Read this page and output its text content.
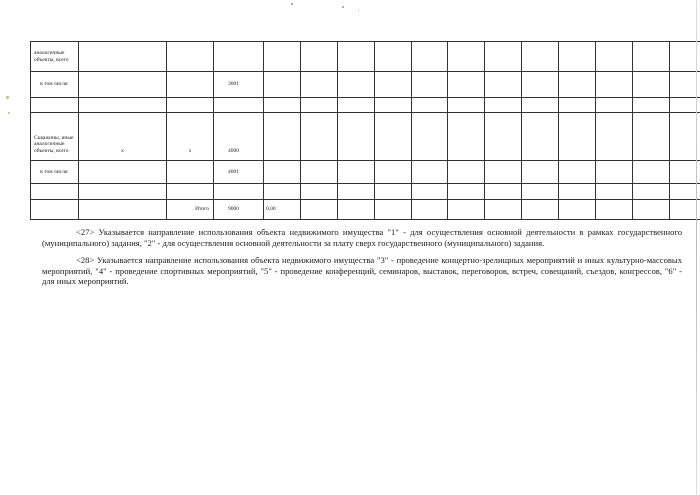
аналогичные объекты, всего															
в том числе:			3001												

Скважины, иные аналогичные объекты, всего	x	x	4000												
в том числе:			4001												

		Итого	9000	0,00											

<27> Указывается направление использования объекта недвижимого имущества "1" - для осуществления основной деятельности в рамках государственного (муниципального) задания, "2" - для осуществления основной деятельности за плату сверх государственного (муниципального) задания.

<28> Указывается направление использования объекта недвижимого имущества "3" - проведение концертно-зрелищных мероприятий и иных культурно-массовых мероприятий, "4" - проведение спортивных мероприятий, "5" - проведение конференций, семинаров, выставок, переговоров, встреч, совещаний, съездов, конгрессов, "6" - для иных мероприятий.
